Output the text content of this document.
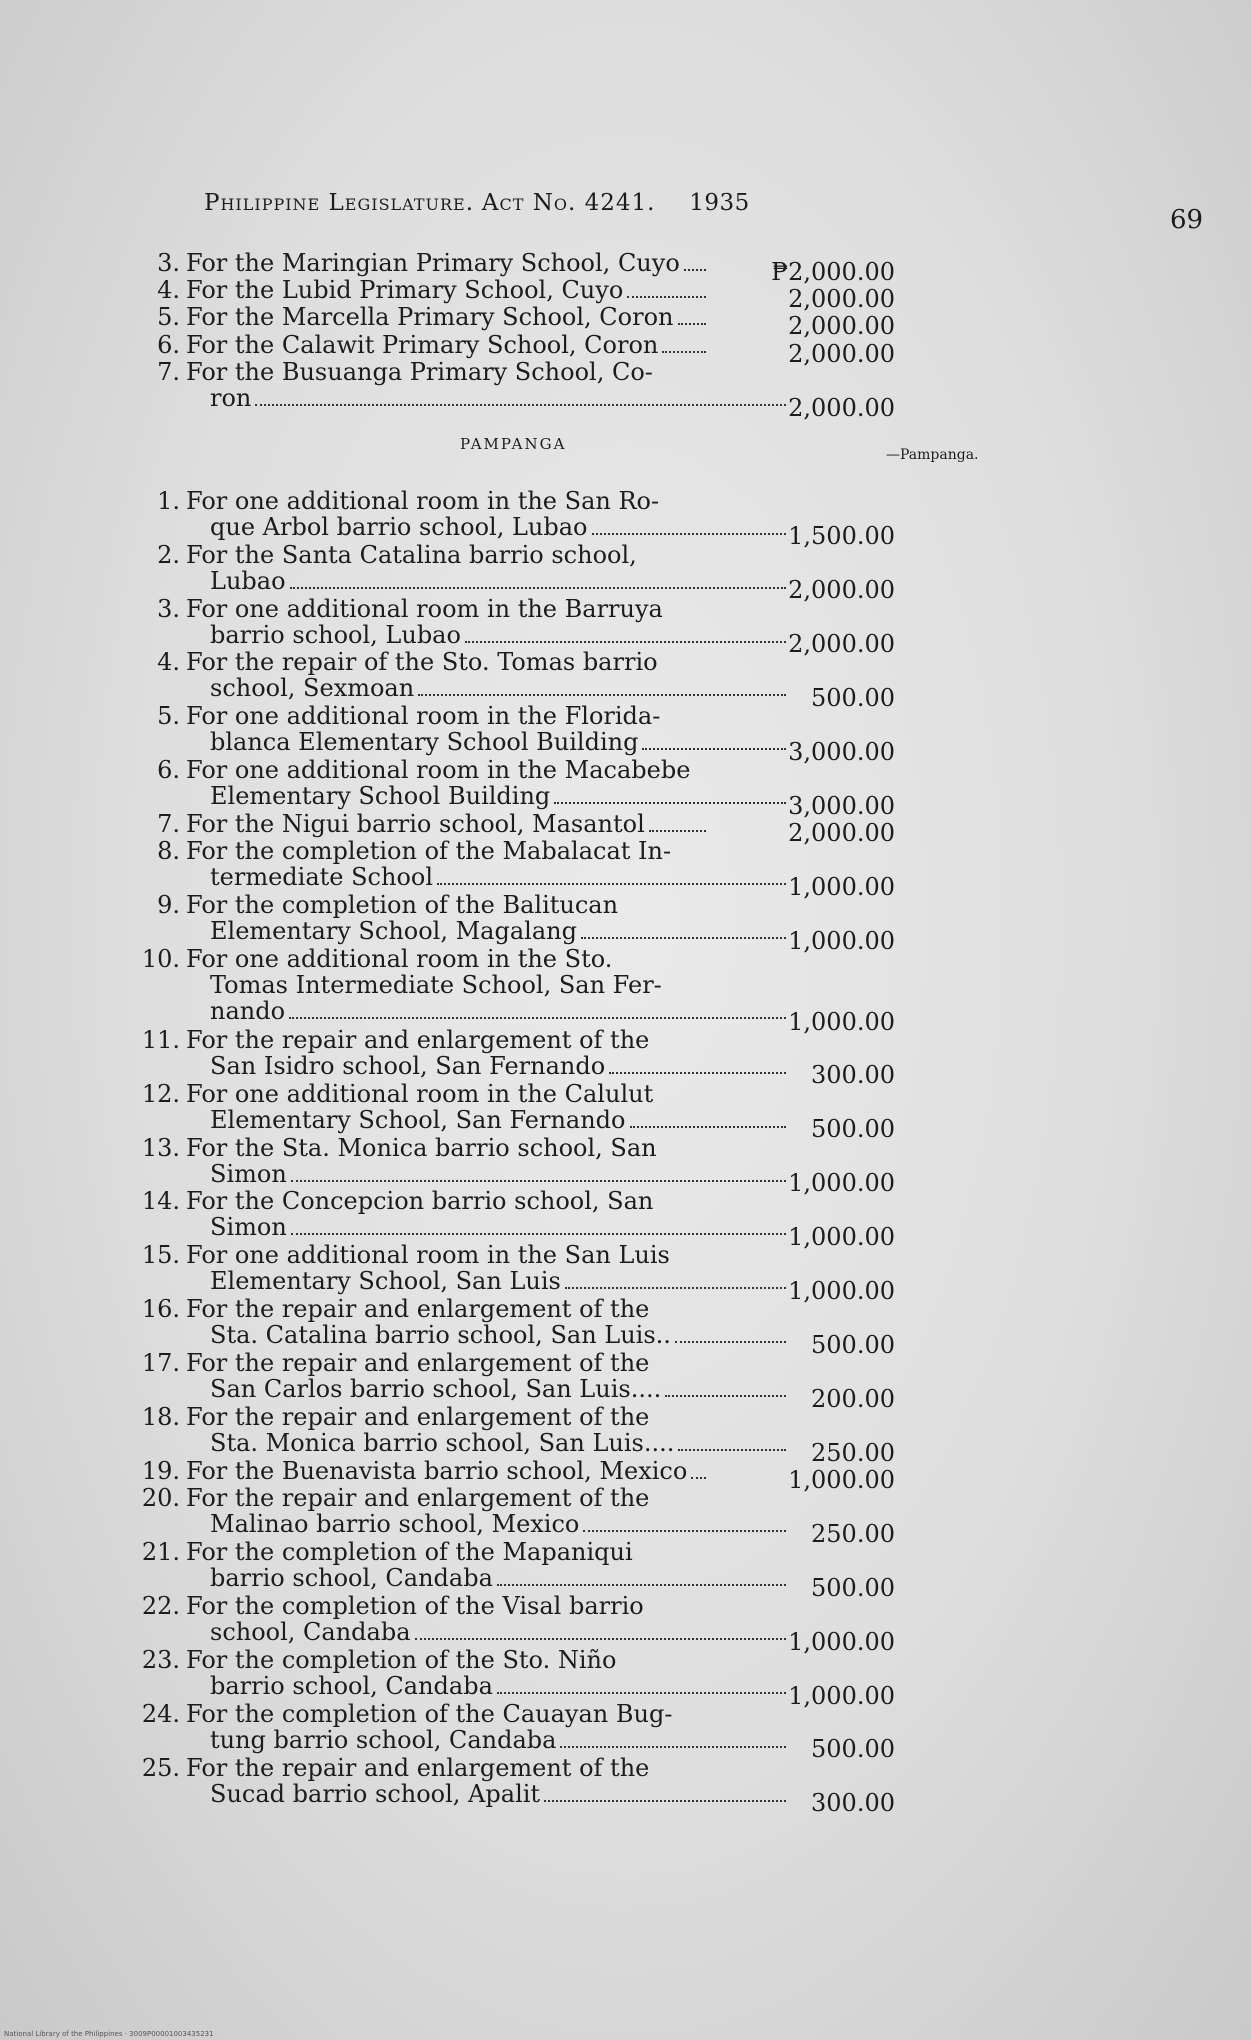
Philippine Legislature. Act No. 4241. 1935
69
PAMPANGA
—Pampanga.
3. For the Maringian Primary School, Cuyo	₱2,000.00
4. For the Lubid Primary School, Cuyo	2,000.00
5. For the Marcella Primary School, Coron	2,000.00
6. For the Calawit Primary School, Coron	2,000.00
7. For the Busuanga Primary School, Co-
ron	2,000.00
1. For one additional room in the San Ro-
que Arbol barrio school, Lubao	1,500.00
2. For the Santa Catalina barrio school,
Lubao	2,000.00
3. For one additional room in the Barruya
barrio school, Lubao	2,000.00
4. For the repair of the Sto. Tomas barrio
school, Sexmoan	500.00
5. For one additional room in the Florida-
blanca Elementary School Building	3,000.00
6. For one additional room in the Macabebe
Elementary School Building	3,000.00
7. For the Nigui barrio school, Masantol	2,000.00
8. For the completion of the Mabalacat In-
termediate School	1,000.00
9. For the completion of the Balitucan
Elementary School, Magalang	1,000.00
10. For one additional room in the Sto.
Tomas Intermediate School, San Fer-
nando	1,000.00
11. For the repair and enlargement of the
San Isidro school, San Fernando	300.00
12. For one additional room in the Calulut
Elementary School, San Fernando	500.00
13. For the Sta. Monica barrio school, San
Simon	1,000.00
14. For the Concepcion barrio school, San
Simon	1,000.00
15. For one additional room in the San Luis
Elementary School, San Luis	1,000.00
16. For the repair and enlargement of the
Sta. Catalina barrio school, San Luis..	500.00
17. For the repair and enlargement of the
San Carlos barrio school, San Luis....	200.00
18. For the repair and enlargement of the
Sta. Monica barrio school, San Luis....	250.00
19. For the Buenavista barrio school, Mexico	1,000.00
20. For the repair and enlargement of the
Malinao barrio school, Mexico	250.00
21. For the completion of the Mapaniqui
barrio school, Candaba	500.00
22. For the completion of the Visal barrio
school, Candaba	1,000.00
23. For the completion of the Sto. Niño
barrio school, Candaba	1,000.00
24. For the completion of the Cauayan Bug-
tung barrio school, Candaba	500.00
25. For the repair and enlargement of the
Sucad barrio school, Apalit	300.00
National Library of the Philippines · 3009P00001003435231
